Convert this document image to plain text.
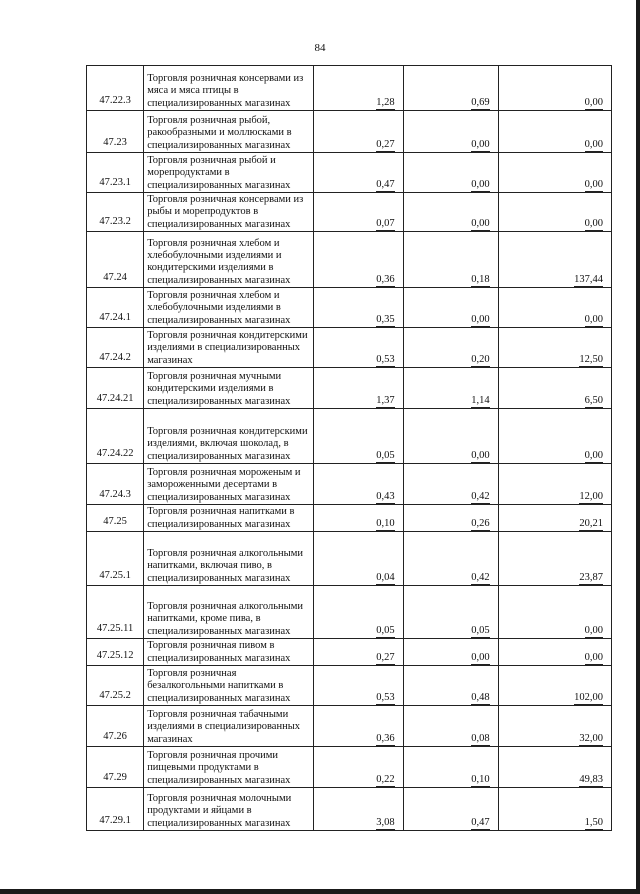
84
47.22.3	Торговля розничная консервами из мяса и мяса птицы в специализированных магазинах	1,28	0,69	0,00
47.23	Торговля розничная рыбой, ракообразными и моллюсками в специализированных магазинах	0,27	0,00	0,00
47.23.1	Торговля розничная рыбой и морепродуктами в специализированных магазинах	0,47	0,00	0,00
47.23.2	Торговля розничная консервами из рыбы и морепродуктов в специализированных магазинах	0,07	0,00	0,00
47.24	Торговля розничная хлебом и хлебобулочными изделиями и кондитерскими изделиями в специализированных магазинах	0,36	0,18	137,44
47.24.1	Торговля розничная хлебом и хлебобулочными изделиями в специализированных магазинах	0,35	0,00	0,00
47.24.2	Торговля розничная кондитерскими изделиями в специализированных магазинах	0,53	0,20	12,50
47.24.21	Торговля розничная мучными кондитерскими изделиями в специализированных магазинах	1,37	1,14	6,50
47.24.22	Торговля розничная кондитерскими изделиями, включая шоколад, в специализированных магазинах	0,05	0,00	0,00
47.24.3	Торговля розничная мороженым и замороженными десертами в специализированных магазинах	0,43	0,42	12,00
47.25	Торговля розничная напитками в специализированных магазинах	0,10	0,26	20,21
47.25.1	Торговля розничная алкогольными напитками, включая пиво, в специализированных магазинах	0,04	0,42	23,87
47.25.11	Торговля розничная алкогольными напитками, кроме пива, в специализированных магазинах	0,05	0,05	0,00
47.25.12	Торговля розничная пивом в специализированных магазинах	0,27	0,00	0,00
47.25.2	Торговля розничная безалкогольными напитками в специализированных магазинах	0,53	0,48	102,00
47.26	Торговля розничная табачными изделиями в специализированных магазинах	0,36	0,08	32,00
47.29	Торговля розничная прочими пищевыми продуктами в специализированных магазинах	0,22	0,10	49,83
47.29.1	Торговля розничная молочными продуктами и яйцами в специализированных магазинах	3,08	0,47	1,50
